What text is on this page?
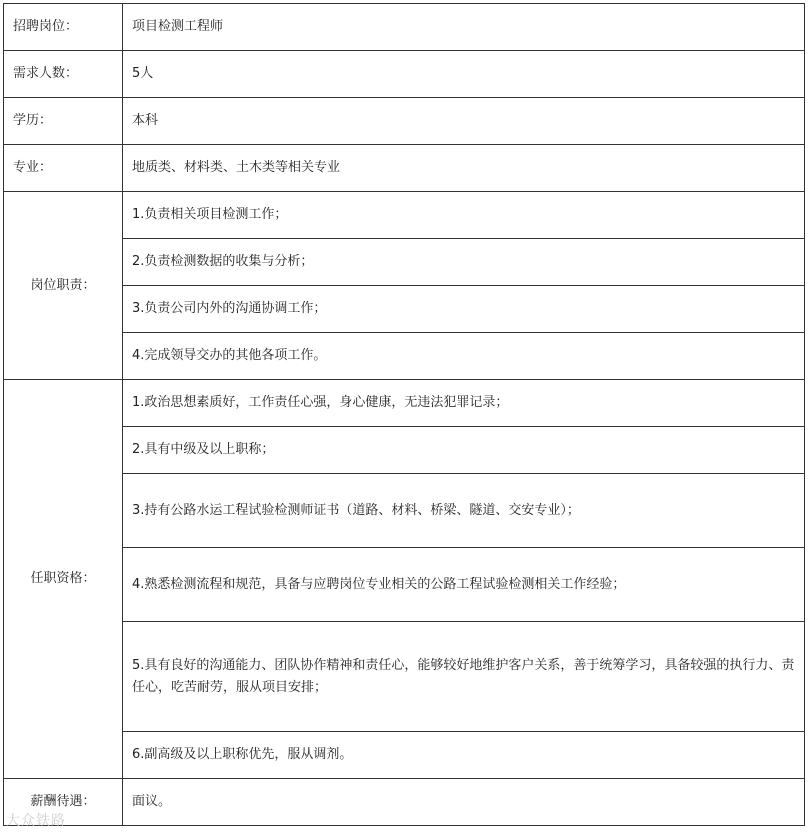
招聘岗位：	项目检测工程师
需求人数：	5人
学历：	本科
专业：	地质类、材料类、土木类等相关专业
岗位职责：	1.负责相关项目检测工作；
	2.负责检测数据的收集与分析；
	3.负责公司内外的沟通协调工作；
	4.完成领导交办的其他各项工作。
任职资格：	1.政治思想素质好，工作责任心强，身心健康，无违法犯罪记录；
	2.具有中级及以上职称；
	3.持有公路水运工程试验检测师证书（道路、材料、桥梁、隧道、交安专业）；
	4.熟悉检测流程和规范，具备与应聘岗位专业相关的公路工程试验检测相关工作经验；
	5.具有良好的沟通能力、团队协作精神和责任心，能够较好地维护客户关系，善于统筹学习，具备较强的执行力、责任心，吃苦耐劳，服从项目安排；
	6.副高级及以上职称优先，服从调剂。
薪酬待遇：	面议。
大众铁路
